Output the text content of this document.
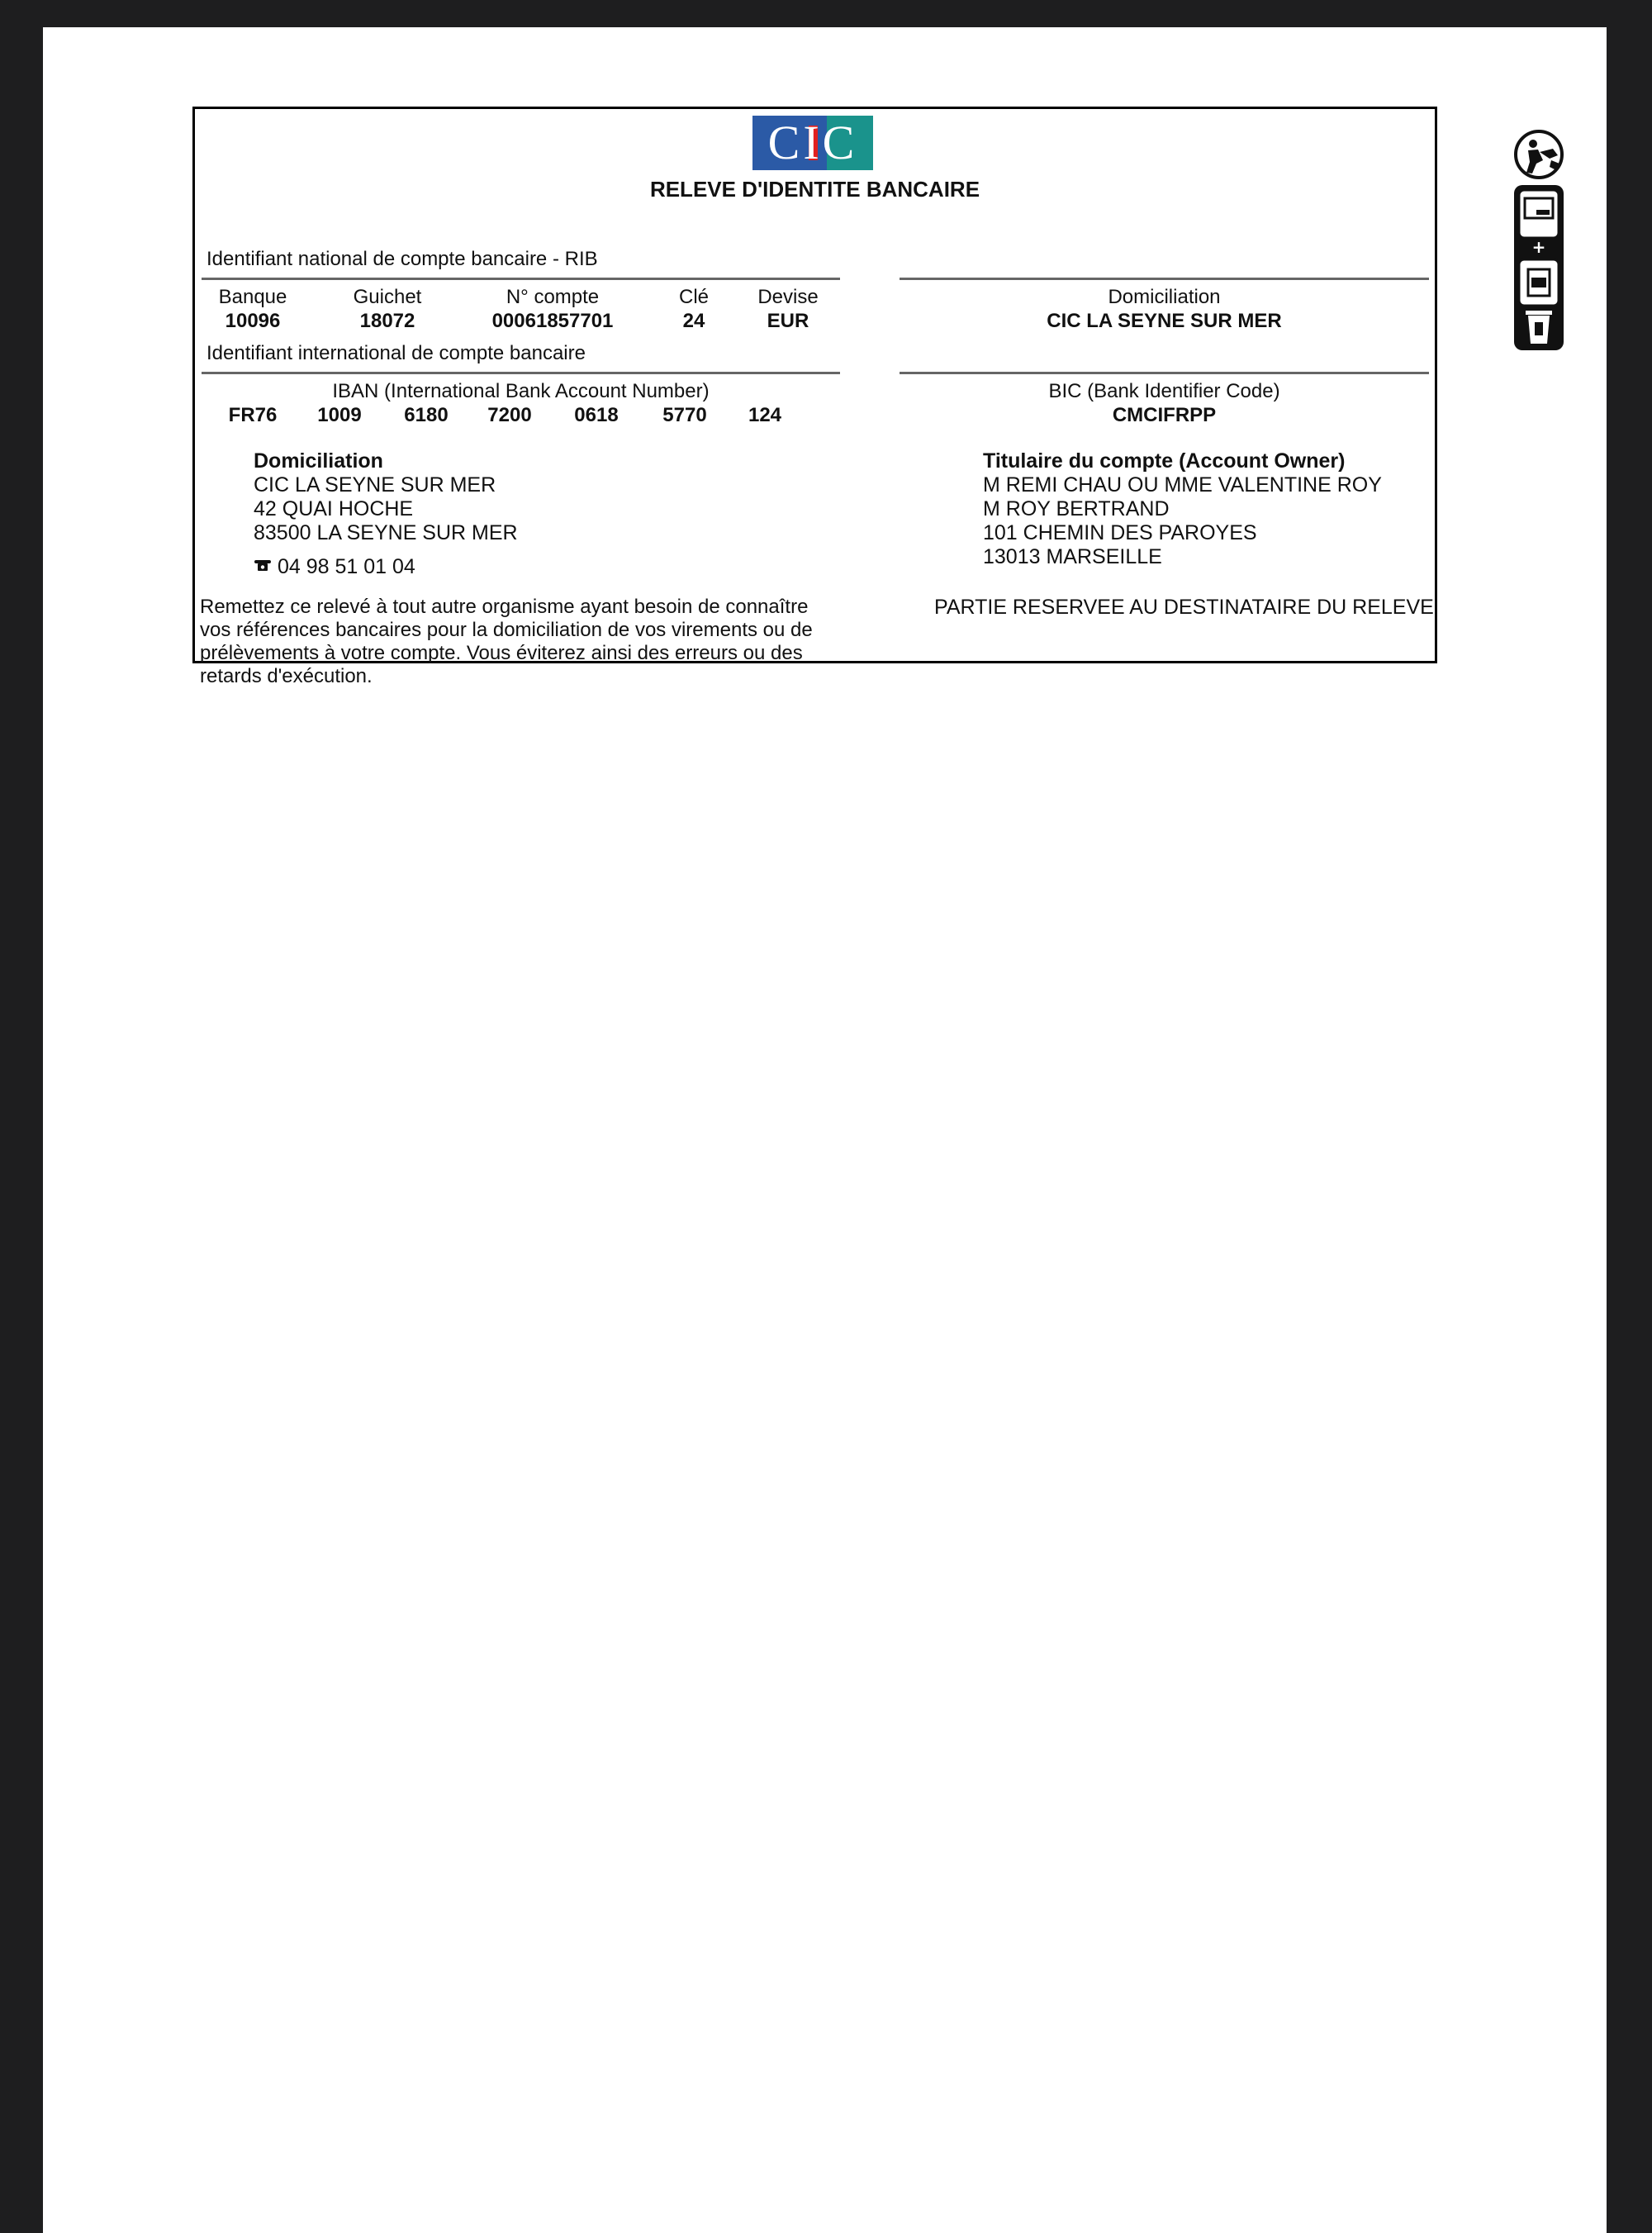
CIC
RELEVE D'IDENTITE BANCAIRE
Identifiant national de compte bancaire - RIB
Banque	Guichet	N° compte	Clé	Devise
10096	18072	00061857701	24	EUR
Domiciliation
CIC LA SEYNE SUR MER
Identifiant international de compte bancaire
IBAN (International Bank Account Number)
FR76	1009	6180	7200	0618	5770	124
BIC (Bank Identifier Code)
CMCIFRPP
Domiciliation
CIC LA SEYNE SUR MER
42 QUAI HOCHE
83500 LA SEYNE SUR MER
04 98 51 01 04
Titulaire du compte (Account Owner)
M REMI CHAU OU MME VALENTINE ROY
M ROY BERTRAND
101 CHEMIN DES PAROYES
13013 MARSEILLE
Remettez ce relevé à tout autre organisme ayant besoin de connaître vos références bancaires pour la domiciliation de vos virements ou de prélèvements à votre compte. Vous éviterez ainsi des erreurs ou des retards d'exécution.
PARTIE RESERVEE AU DESTINATAIRE DU RELEVE
+
